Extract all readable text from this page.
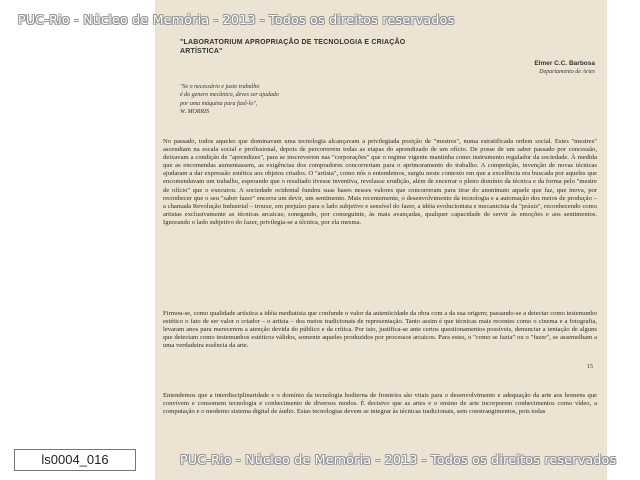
"LABORATORIUM APROPRIAÇÃO DE TECNOLOGIA E CRIAÇÃO ARTÍSTICA"
Elmer C.C. Barbosa
Departamento de Artes
"Se o necessário e justo trabalho
é do genero mecânico, deves ser ajudado
por uma máquina para fazê-lo",
W. MORRIS
No passado, todos aqueles que dominavam uma tecnologia alcançavam a privilegiada posição de "mestres", numa estratificada ordem social. Estes "mestres" ascendiam na escala social e profissional, depois de percorrerem todas as etapas do aprendizado de um ofício. De posse de um saber passado por concessão, deixavam a condição de "aprendizes", para se inscreverem nas "corporações" que o regime vigente mantinha como instrumento regulador da sociedade. À medida que as encomendas aumentassem, as exigências dos compradores concorreriam para o aprimoramento do trabalho. A competição, invenção de novas técnicas ajudaram a dar expressão estética aos objetos criados. O "artista", como nós o entendemos, surgiu neste contexto em que a excelência era buscada por aqueles que encomendavam um trabalho, esperando que o resultado tivesse inventiva, revelasse erudição, além de encerrar o pleno domínio da técnica e da forma pelo "mestre de ofício" que o executou. A sociedade ocidental fundou suas bases nesses valores que concorreram para tirar do anonimato aquele que faz, que inova, por reconhecer que o seu "saber fazer" encerra um devir, um sentimento. Mais recentemente, o desenvolvimento da tecnologia e a automação dos meios de produção – a chamada Revolução Industrial – trouxe, em prejuízo para o lado subjetivo e sensível do fazer, a idéia evolucionista e mecanicista da "práxis", reconhecendo como artistas exclusivamente as técnicas arcaicas; sonegando, por conseguinte, às mais avançadas, qualquer capacidade de servir às emoções e aos sentimentos. Ignorando o lado subjetivo do fazer, privilegia-se a técnica, por ela mesma.
15
Firmou-se, como qualidade artística a idéia mediatista que confunde o valor da autenticidade da obra com a da sua origem; passando-se a detectar como testemunho estético o fato de ser valor o criador – o artista – dos meios tradicionais de representação. Tanto assim é que técnicas mais recentes como o cinema e a fotografia, levaram anos para merecerem a atenção devida do público e da crítica. Por isto, justifica-se ante certos questionamentos possíveis, denunciar a tentação de alguns que detectam como testemunhos estéticos válidos, somente aqueles produzidos por processos arcaicos. Para estes, o "como se fazia" ou o "fazer", se assemelham a uma verdadeira essência da arte.
Entendemos que a interdisciplinaridade e o domínio da tecnologia hodierna de fronteira são vitais para o desenvolvimento e adequação da arte aos homens que convivem e consomem tecnologia e conhecimento de diversos modos. É decisivo que as artes e o ensino de arte incorporem conhecimentos como vídeo, a computação e o moderno sistema digital de áudio. Estas tecnologias devem se integrar às técnicas tradicionais, sem constrangimentos, pois todas
PUC-Rio - Núcleo de Memória - 2013 - Todos os direitos reservados
PUC-Rio - Núcleo de Memória - 2013 - Todos os direitos reservados
ls0004_016
